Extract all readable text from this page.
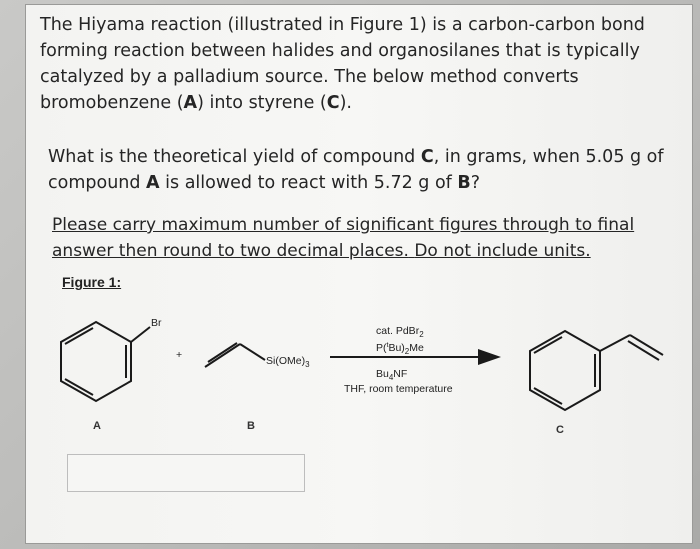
The Hiyama reaction (illustrated in Figure 1) is a carbon-carbon bond forming reaction between halides and organosilanes that is typically catalyzed by a palladium source. The below method converts bromobenzene (A) into styrene (C).
What is the theoretical yield of compound C, in grams, when 5.05 g of compound A is allowed to react with 5.72 g of B?
Please carry maximum number of significant figures through to final answer then round to two decimal places. Do not include units.
Figure 1:
Br
+	$Si(OMe)_3$
cat. PdBr$_2$
$P(^tBu)_2Me$
$Bu_4NF$
THF, room temperature
A	B	C
